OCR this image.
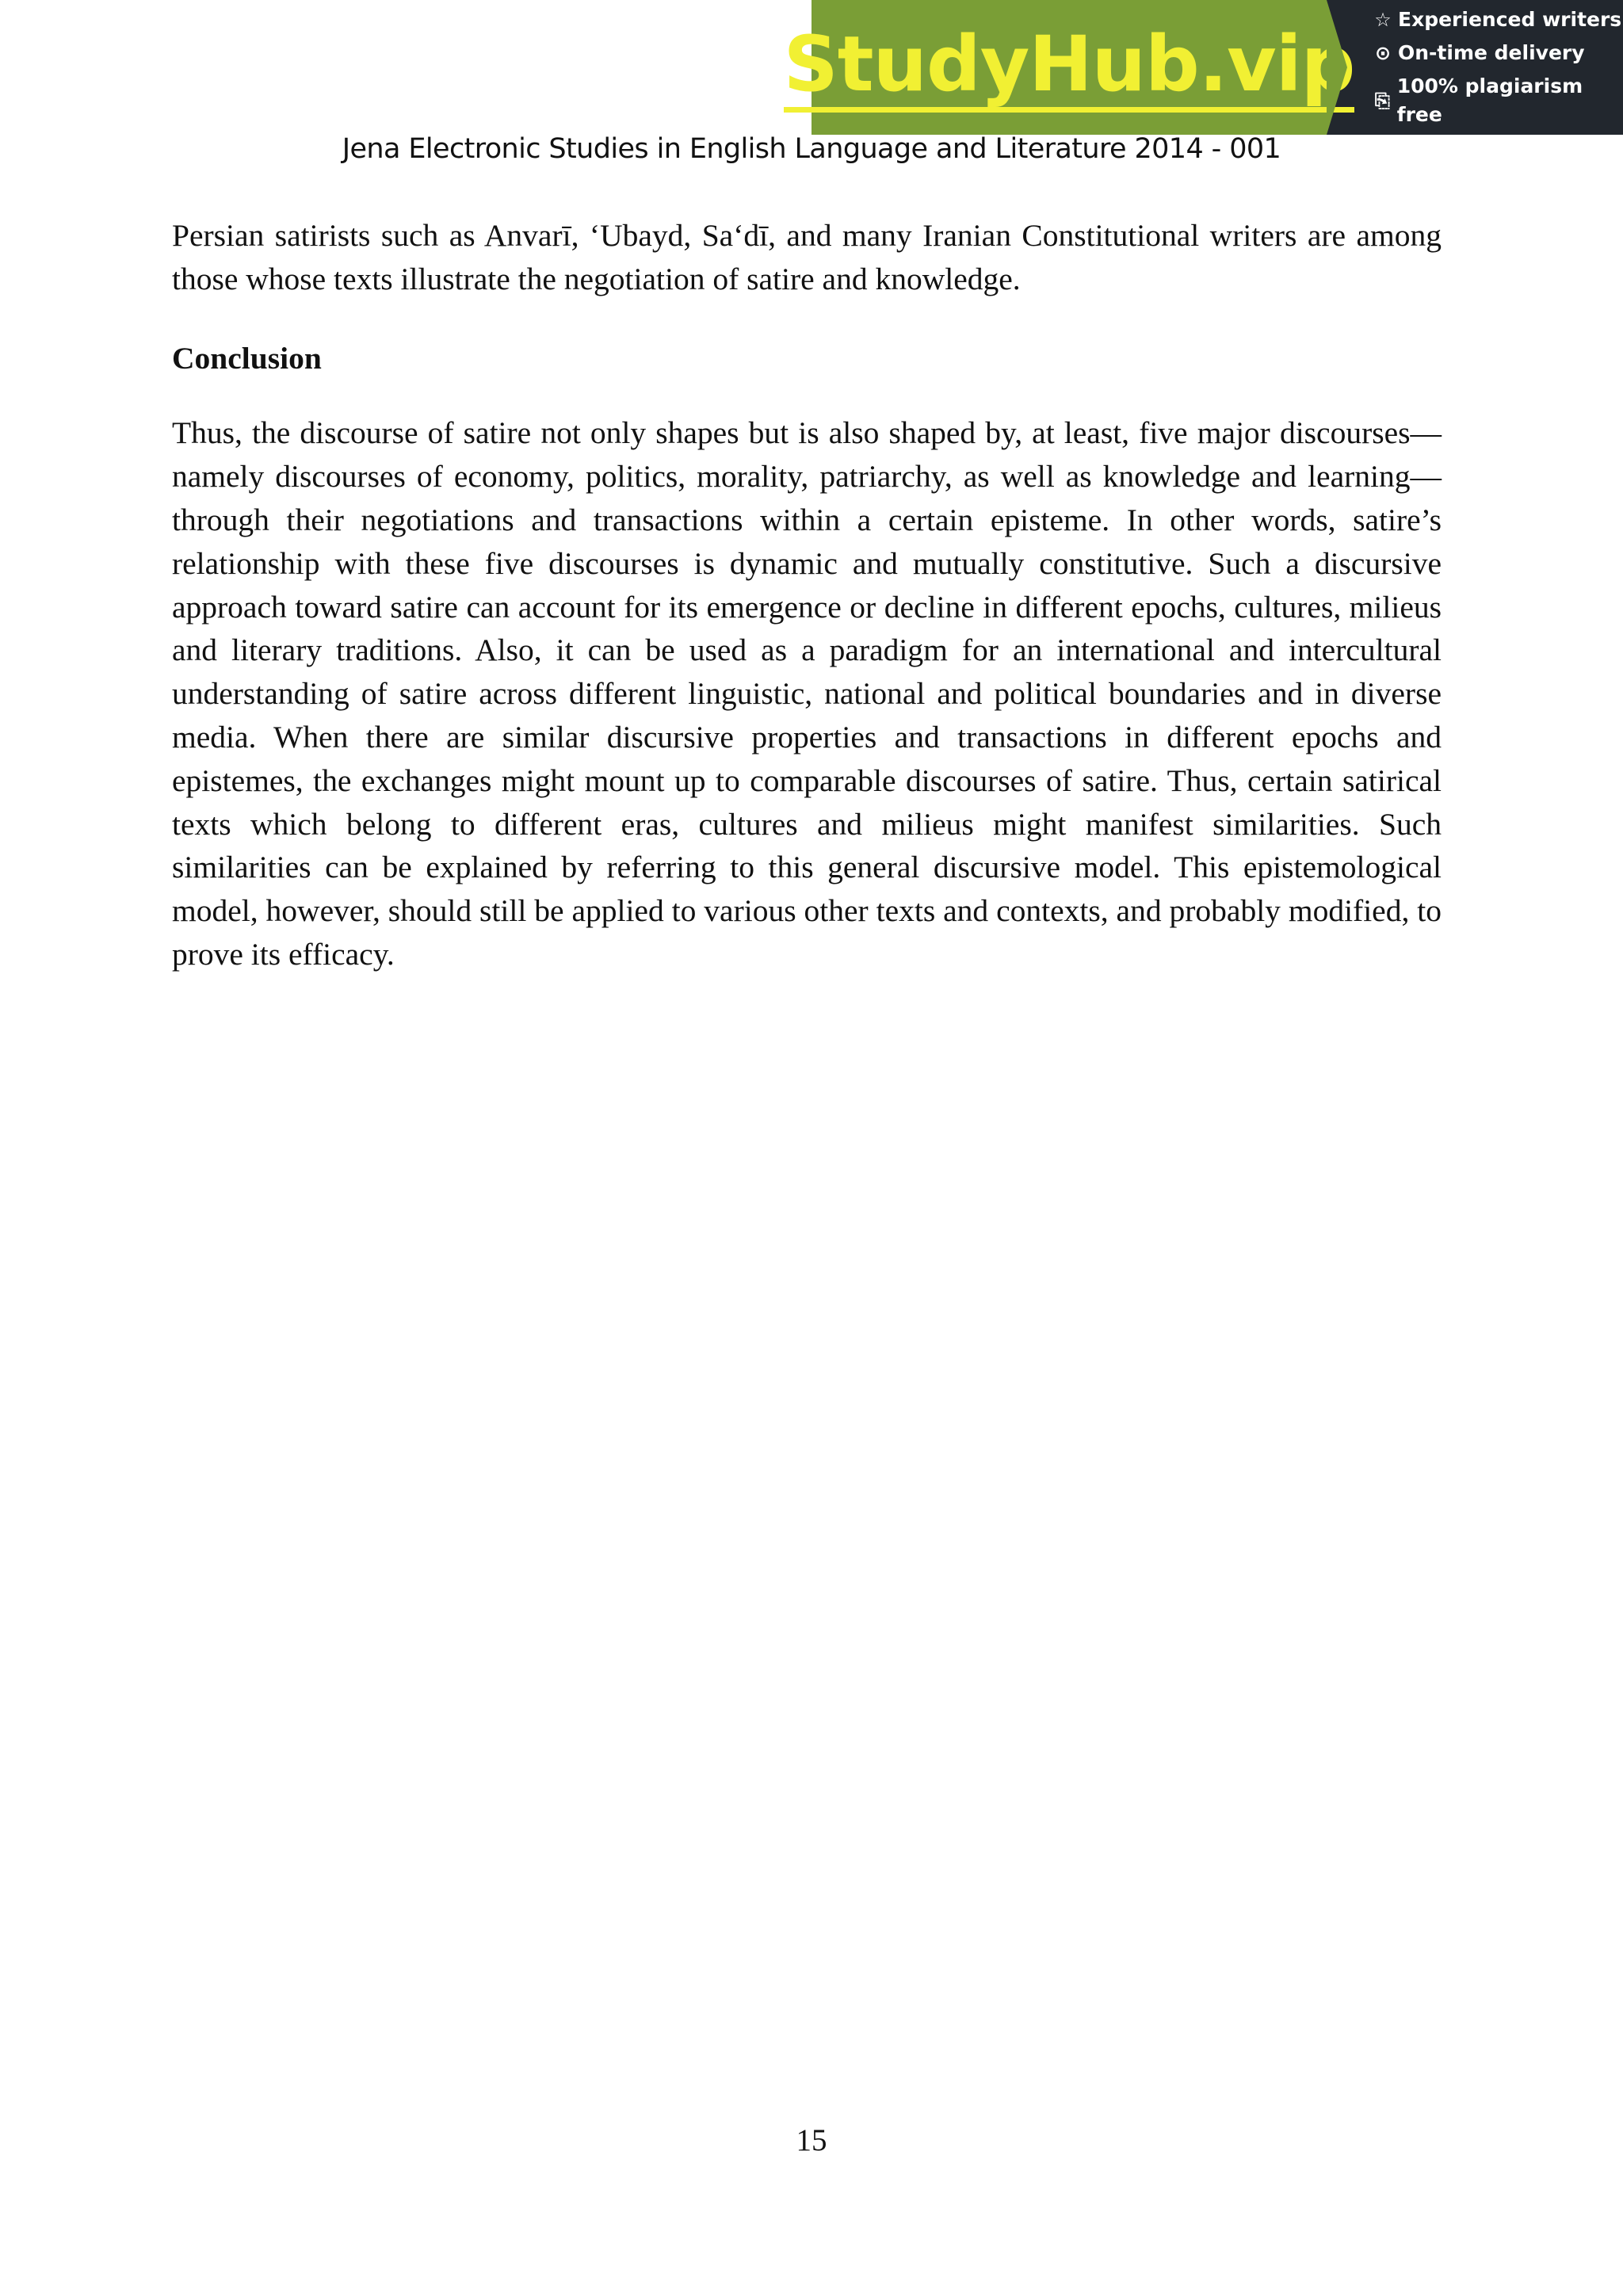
StudyHub.vip ☆ Experienced writers
⊙ On-time delivery
⎘
100% plagiarism free
Jena Electronic Studies in English Language and Literature 2014 - 001

Persian satirists such as Anvarī, ‘Ubayd, Sa‘dī, and many Iranian Constitutional writers are among those whose texts illustrate the negotiation of satire and knowledge.

Conclusion

Thus, the discourse of satire not only shapes but is also shaped by, at least, five major discourses—namely discourses of economy, politics, morality, patriarchy, as well as knowledge and learning—through their negotiations and transactions within a certain episteme. In other words, satire’s relationship with these five discourses is dynamic and mutually constitutive. Such a discursive approach toward satire can account for its emergence or decline in different epochs, cultures, milieus and literary traditions. Also, it can be used as a paradigm for an international and intercultural understanding of satire across different linguistic, national and political boundaries and in diverse media. When there are similar discursive properties and transactions in different epochs and epistemes, the exchanges might mount up to comparable discourses of satire. Thus, certain satirical texts which belong to different eras, cultures and milieus might manifest similarities. Such similarities can be explained by referring to this general discursive model. This epistemological model, however, should still be applied to various other texts and contexts, and probably modified, to prove its efficacy.

15
